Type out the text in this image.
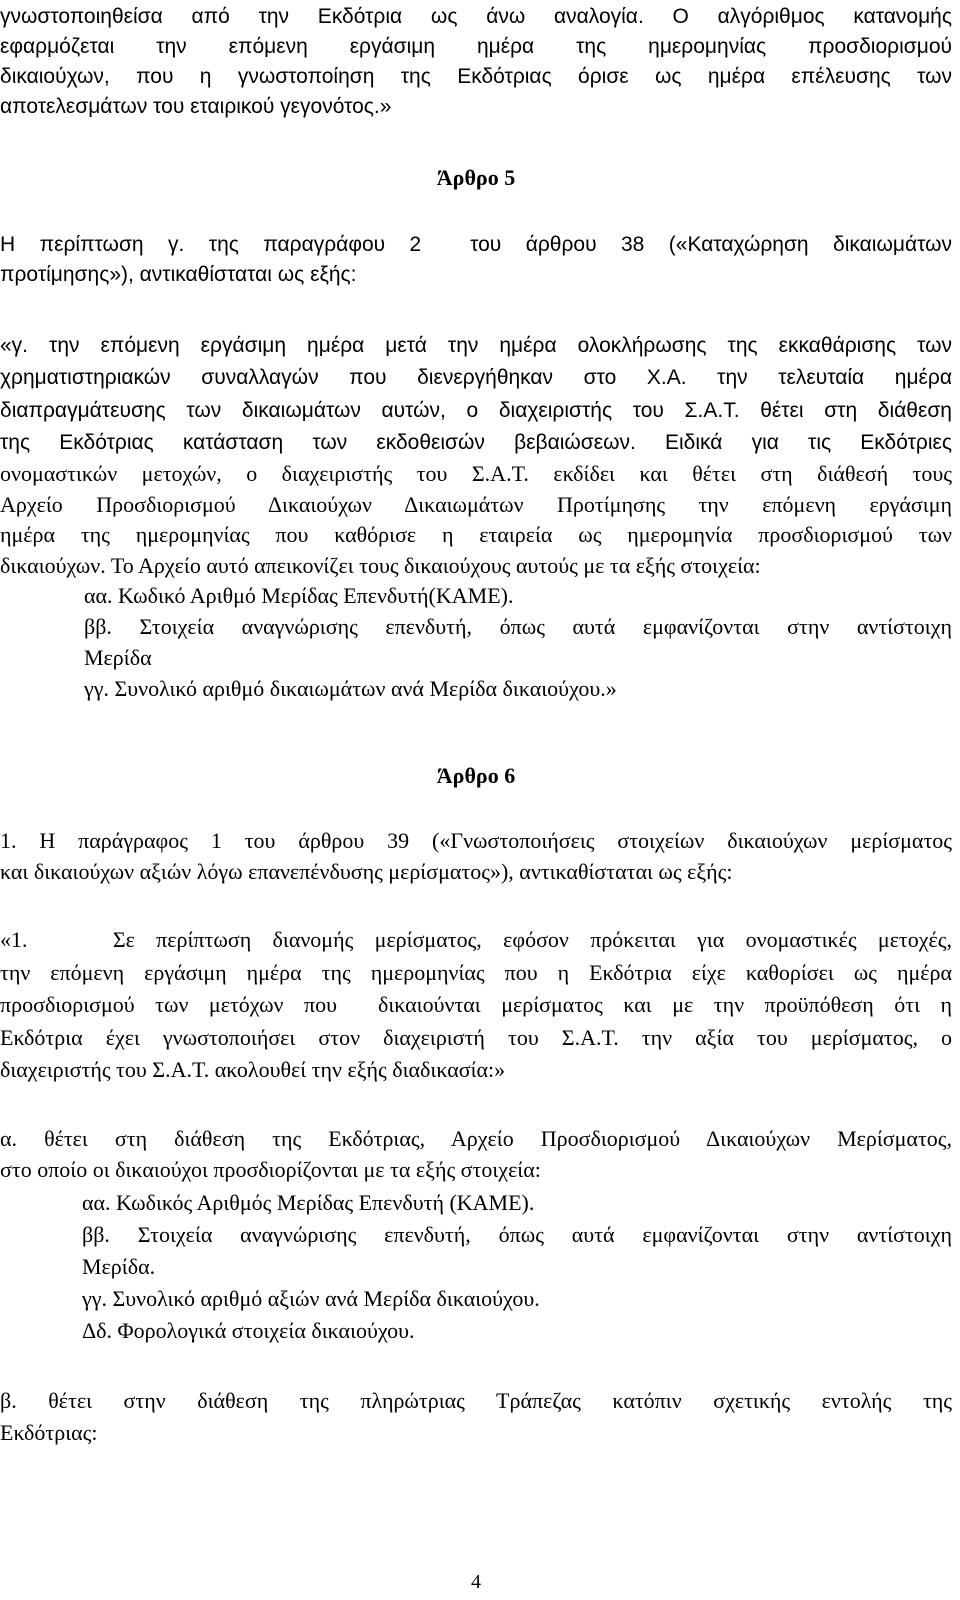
γνωστοποιηθείσα από την Εκδότρια ως άνω αναλογία. Ο αλγόριθμος κατανομής
εφαρμόζεται την επόμενη εργάσιμη ημέρα της ημερομηνίας προσδιορισμού
δικαιούχων, που η γνωστοποίηση της Εκδότριας όρισε ως ημέρα επέλευσης των
αποτελεσμάτων του εταιρικού γεγονότος.»
Άρθρο 5
Η περίπτωση γ. της παραγράφου 2  του άρθρου 38 («Καταχώρηση δικαιωμάτων
προτίμησης»), αντικαθίσταται ως εξής:
«γ. την επόμενη εργάσιμη ημέρα μετά την ημέρα ολοκλήρωσης της εκκαθάρισης των
χρηματιστηριακών συναλλαγών που διενεργήθηκαν στο Χ.Α. την τελευταία ημέρα
διαπραγμάτευσης των δικαιωμάτων αυτών, ο διαχειριστής του Σ.Α.Τ. θέτει στη διάθεση
της Εκδότριας κατάσταση των εκδοθεισών βεβαιώσεων. Ειδικά για τις Εκδότριες
ονομαστικών μετοχών, ο διαχειριστής του Σ.Α.Τ. εκδίδει και θέτει στη διάθεσή τους
Αρχείο Προσδιορισμού Δικαιούχων Δικαιωμάτων Προτίμησης την επόμενη εργάσιμη
ημέρα της ημερομηνίας που καθόρισε η εταιρεία ως ημερομηνία προσδιορισμού των
δικαιούχων. Το Αρχείο αυτό απεικονίζει τους δικαιούχους αυτούς με τα εξής στοιχεία:
αα. Κωδικό Αριθμό Μερίδας Επενδυτή(ΚΑΜΕ).
ββ. Στοιχεία αναγνώρισης επενδυτή, όπως αυτά εμφανίζονται στην αντίστοιχη
Μερίδα
γγ. Συνολικό αριθμό δικαιωμάτων ανά Μερίδα δικαιούχου.»
Άρθρο 6
1. Η παράγραφος 1 του άρθρου 39 («Γνωστοποιήσεις στοιχείων δικαιούχων μερίσματος
και δικαιούχων αξιών λόγω επανεπένδυσης μερίσματος»), αντικαθίσταται ως εξής:
«1.    Σε περίπτωση διανομής μερίσματος, εφόσον πρόκειται για ονομαστικές μετοχές,
την επόμενη εργάσιμη ημέρα της ημερομηνίας που η Εκδότρια είχε καθορίσει ως ημέρα
προσδιορισμού των μετόχων που  δικαιούνται μερίσματος και με την προϋπόθεση ότι η
Εκδότρια έχει γνωστοποιήσει στον διαχειριστή του Σ.Α.Τ. την αξία του μερίσματος, ο
διαχειριστής του Σ.Α.Τ. ακολουθεί την εξής διαδικασία:»
α. θέτει στη διάθεση της Εκδότριας, Αρχείο Προσδιορισμού Δικαιούχων Μερίσματος,
στο οποίο οι δικαιούχοι προσδιορίζονται με τα εξής στοιχεία:
αα. Κωδικός Αριθμός Μερίδας Επενδυτή (ΚΑΜΕ).
ββ. Στοιχεία αναγνώρισης επενδυτή, όπως αυτά εμφανίζονται στην αντίστοιχη
Μερίδα.
γγ. Συνολικό αριθμό αξιών ανά Μερίδα δικαιούχου.
Δδ. Φορολογικά στοιχεία δικαιούχου.
β. θέτει στην διάθεση της πληρώτριας Τράπεζας κατόπιν σχετικής εντολής της
Εκδότριας:
4
